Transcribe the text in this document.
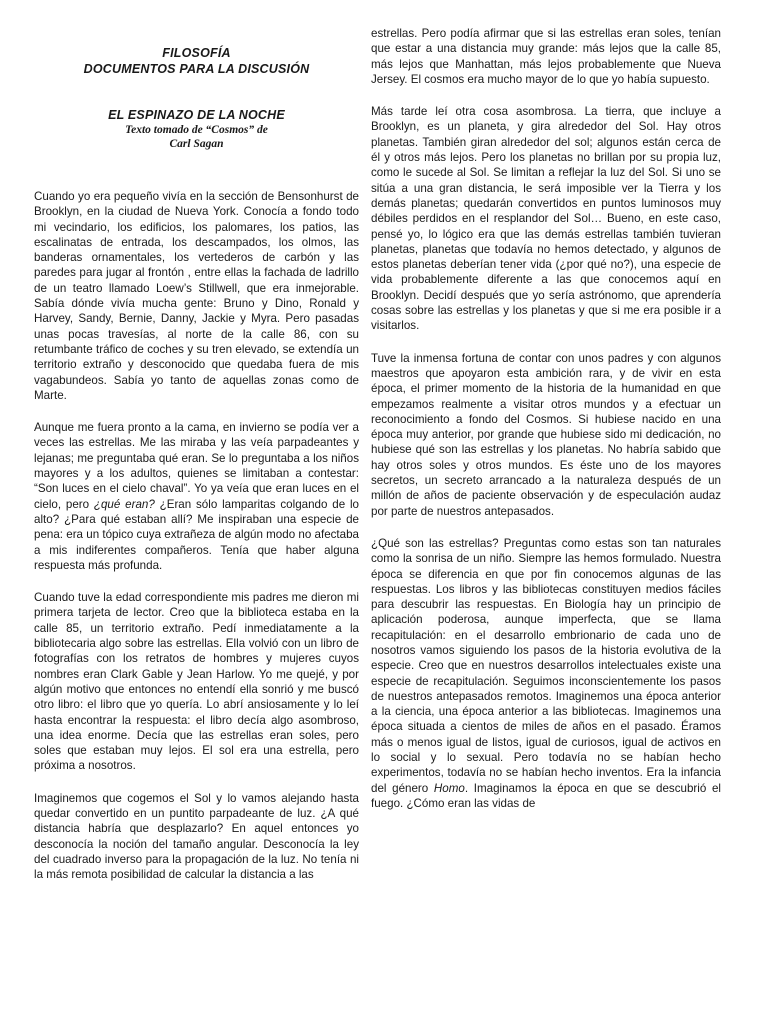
FILOSOFÍA
DOCUMENTOS PARA LA DISCUSIÓN
EL ESPINAZO DE LA NOCHE
Texto tomado de “Cosmos” de
Carl Sagan

Cuando yo era pequeño vivía en la sección de Bensonhurst de Brooklyn, en la ciudad de Nueva York. Conocía a fondo todo mi vecindario, los edificios, los palomares, los patios, las escalinatas de entrada, los descampados, los olmos, las banderas ornamentales, los vertederos de carbón y las paredes para jugar al frontón , entre ellas la fachada de ladrillo de un teatro llamado Loew’s Stillwell, que era inmejorable. Sabía dónde vivía mucha gente: Bruno y Dino, Ronald y Harvey, Sandy, Bernie, Danny, Jackie y Myra. Pero pasadas unas pocas travesías, al norte de la calle 86, con su retumbante tráfico de coches y su tren elevado, se extendía un territorio extraño y desconocido que quedaba fuera de mis vagabundeos. Sabía yo tanto de aquellas zonas como de Marte.

Aunque me fuera pronto a la cama, en invierno se podía ver a veces las estrellas. Me las miraba y las veía parpadeantes y lejanas; me preguntaba qué eran. Se lo preguntaba a los niños mayores y a los adultos, quienes se limitaban a contestar: “Son luces en el cielo chaval”. Yo ya veía que eran luces en el cielo, pero ¿qué eran? ¿Eran sólo lamparitas colgando de lo alto? ¿Para qué estaban allí? Me inspiraban una especie de pena: era un tópico cuya extrañeza de algún modo no afectaba a mis indiferentes compañeros. Tenía que haber alguna respuesta más profunda.

Cuando tuve la edad correspondiente mis padres me dieron mi primera tarjeta de lector. Creo que la biblioteca estaba en la calle 85, un territorio extraño. Pedí inmediatamente a la bibliotecaria algo sobre las estrellas. Ella volvió con un libro de fotografías con los retratos de hombres y mujeres cuyos nombres eran Clark Gable y Jean Harlow. Yo me quejé, y por algún motivo que entonces no entendí ella sonrió y me buscó otro libro: el libro que yo quería. Lo abrí ansiosamente y lo leí hasta encontrar la respuesta: el libro decía algo asombroso, una idea enorme. Decía que las estrellas eran soles, pero soles que estaban muy lejos. El sol era una estrella, pero próxima a nosotros.

Imaginemos que cogemos el Sol y lo vamos alejando hasta quedar convertido en un puntito parpadeante de luz. ¿A qué distancia habría que desplazarlo? En aquel entonces yo desconocía la noción del tamaño angular. Desconocía la ley del cuadrado inverso para la propagación de la luz. No tenía ni la más remota posibilidad de calcular la distancia a las

estrellas. Pero podía afirmar que si las estrellas eran soles, tenían que estar a una distancia muy grande: más lejos que la calle 85, más lejos que Manhattan, más lejos probablemente que Nueva Jersey. El cosmos era mucho mayor de lo que yo había supuesto.

Más tarde leí otra cosa asombrosa. La tierra, que incluye a Brooklyn, es un planeta, y gira alrededor del Sol. Hay otros planetas. También giran alrededor del sol; algunos están cerca de él y otros más lejos. Pero los planetas no brillan por su propia luz, como le sucede al Sol. Se limitan a reflejar la luz del Sol. Si uno se sitúa a una gran distancia, le será imposible ver la Tierra y los demás planetas; quedarán convertidos en puntos luminosos muy débiles perdidos en el resplandor del Sol… Bueno, en este caso, pensé yo, lo lógico era que las demás estrellas también tuvieran planetas, planetas que todavía no hemos detectado, y algunos de estos planetas deberían tener vida (¿por qué no?), una especie de vida probablemente diferente a las que conocemos aquí en Brooklyn. Decidí después que yo sería astrónomo, que aprendería cosas sobre las estrellas y los planetas y que si me era posible ir a visitarlos.

Tuve la inmensa fortuna de contar con unos padres y con algunos maestros que apoyaron esta ambición rara, y de vivir en esta época, el primer momento de la historia de la humanidad en que empezamos realmente a visitar otros mundos y a efectuar un reconocimiento a fondo del Cosmos. Si hubiese nacido en una época muy anterior, por grande que hubiese sido mi dedicación, no hubiese qué son las estrellas y los planetas. No habría sabido que hay otros soles y otros mundos. Es éste uno de los mayores secretos, un secreto arrancado a la naturaleza después de un millón de años de paciente observación y de especulación audaz por parte de nuestros antepasados.

¿Qué son las estrellas? Preguntas como estas son tan naturales como la sonrisa de un niño. Siempre las hemos formulado. Nuestra época se diferencia en que por fin conocemos algunas de las respuestas. Los libros y las bibliotecas constituyen medios fáciles para descubrir las respuestas. En Biología hay un principio de aplicación poderosa, aunque imperfecta, que se llama recapitulación: en el desarrollo embrionario de cada uno de nosotros vamos siguiendo los pasos de la historia evolutiva de la especie. Creo que en nuestros desarrollos intelectuales existe una especie de recapitulación. Seguimos inconscientemente los pasos de nuestros antepasados remotos. Imaginemos una época anterior a la ciencia, una época anterior a las bibliotecas. Imaginemos una época situada a cientos de miles de años en el pasado. Éramos más o menos igual de listos, igual de curiosos, igual de activos en lo social y lo sexual. Pero todavía no se habían hecho experimentos, todavía no se habían hecho inventos. Era la infancia del género Homo. Imaginamos la época en que se descubrió el fuego. ¿Cómo eran las vidas de
